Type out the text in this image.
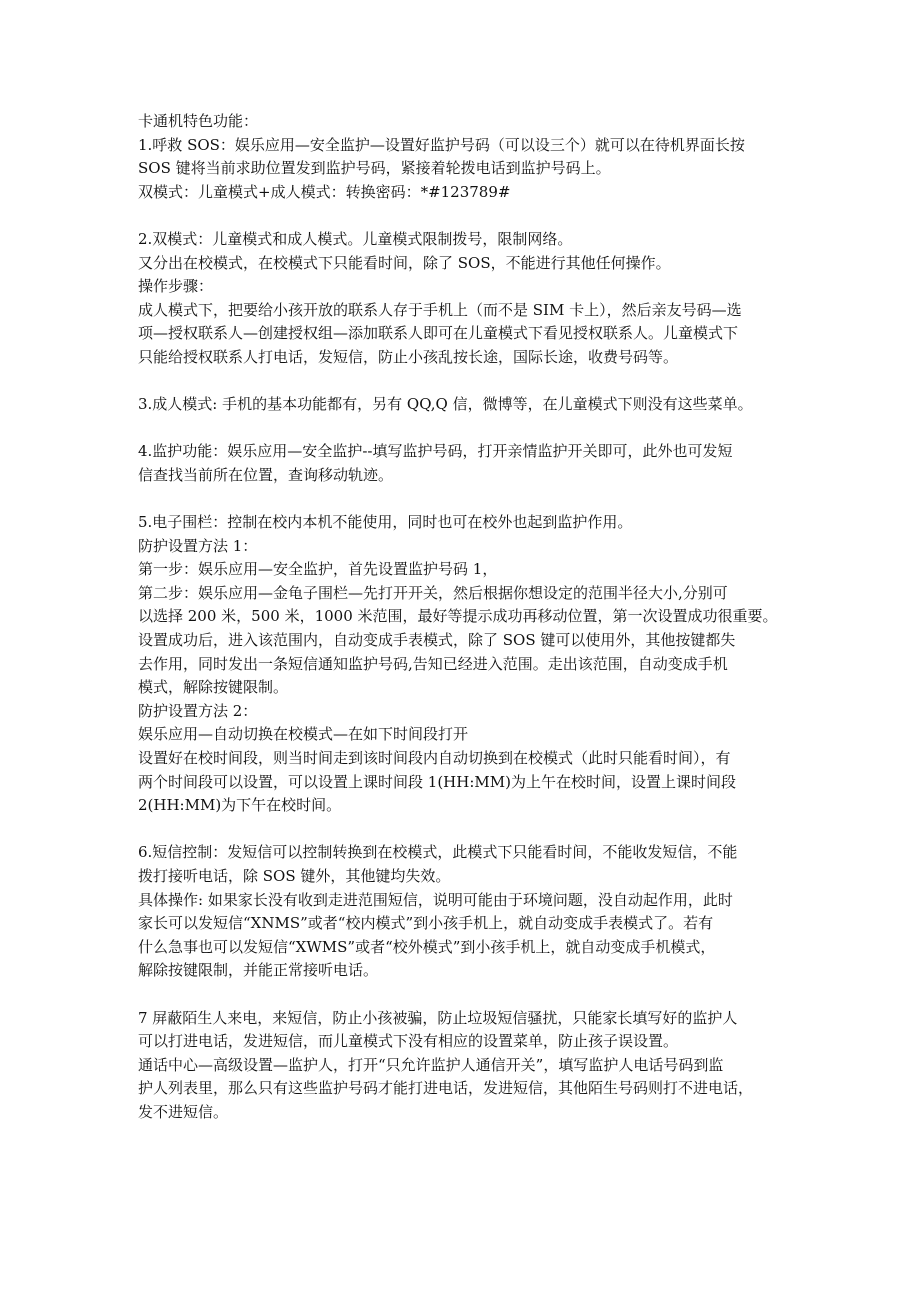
卡通机特色功能：
1.呼救 SOS：娱乐应用—安全监护—设置好监护号码（可以设三个）就可以在待机界面长按
SOS 键将当前求助位置发到监护号码，紧接着轮拨电话到监护号码上。
双模式：儿童模式+成人模式：转换密码：*#123789#
2.双模式：儿童模式和成人模式。儿童模式限制拨号，限制网络。
又分出在校模式，在校模式下只能看时间，除了 SOS，不能进行其他任何操作。
操作步骤：
成人模式下，把要给小孩开放的联系人存于手机上（而不是 SIM 卡上），然后亲友号码—选
项—授权联系人—创建授权组—添加联系人即可在儿童模式下看见授权联系人。儿童模式下
只能给授权联系人打电话，发短信，防止小孩乱按长途，国际长途，收费号码等。
3.成人模式: 手机的基本功能都有，另有 QQ,Q 信，微博等，在儿童模式下则没有这些菜单。
4.监护功能：娱乐应用—安全监护--填写监护号码，打开亲情监护开关即可，此外也可发短
信查找当前所在位置，查询移动轨迹。
5.电子围栏：控制在校内本机不能使用，同时也可在校外也起到监护作用。
防护设置方法 1：
第一步：娱乐应用—安全监护，首先设置监护号码 1，
第二步：娱乐应用—金龟子围栏—先打开开关，然后根据你想设定的范围半径大小,分别可
以选择 200 米，500 米，1000 米范围，最好等提示成功再移动位置，第一次设置成功很重要。
设置成功后，进入该范围内，自动变成手表模式，除了 SOS 键可以使用外，其他按键都失
去作用，同时发出一条短信通知监护号码,告知已经进入范围。走出该范围，自动变成手机
模式，解除按键限制。
防护设置方法 2：
娱乐应用—自动切换在校模式—在如下时间段打开
设置好在校时间段，则当时间走到该时间段内自动切换到在校模式（此时只能看时间），有
两个时间段可以设置，可以设置上课时间段 1(HH:MM)为上午在校时间，设置上课时间段
2(HH:MM)为下午在校时间。
6.短信控制：发短信可以控制转换到在校模式，此模式下只能看时间，不能收发短信，不能
拨打接听电话，除 SOS 键外，其他键均失效。
具体操作: 如果家长没有收到走进范围短信，说明可能由于环境问题，没自动起作用，此时
家长可以发短信“XNMS”或者“校内模式”到小孩手机上，就自动变成手表模式了。若有
什么急事也可以发短信“XWMS”或者“校外模式”到小孩手机上，就自动变成手机模式，
解除按键限制，并能正常接听电话。
7 屏蔽陌生人来电，来短信，防止小孩被骗，防止垃圾短信骚扰，只能家长填写好的监护人
可以打进电话，发进短信，而儿童模式下没有相应的设置菜单，防止孩子误设置。
通话中心—高级设置—监护人，打开“只允许监护人通信开关”，填写监护人电话号码到监
护人列表里，那么只有这些监护号码才能打进电话，发进短信，其他陌生号码则打不进电话，
发不进短信。
